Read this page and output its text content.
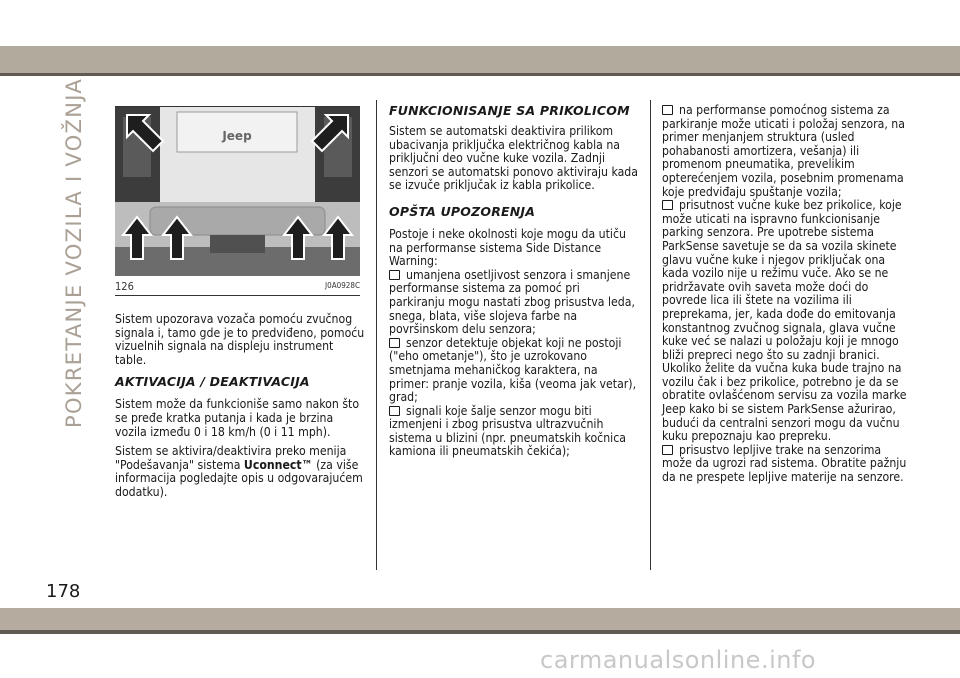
POKRETANJE VOZILA I VOŽNJA	Jeep
126	J0A0928C

Sistem upozorava vozača pomoću zvučnog signala i, tamo gde je to predviđeno, pomoću vizuelnih signala na displeju instrument table.

AKTIVACIJA / DEAKTIVACIJA

Sistem može da funkcioniše samo nakon što se pređe kratka putanja i kada je brzina vozila između 0 i 18 km/h (0 i 11 mph).

Sistem se aktivira/deaktivira preko menija "Podešavanja" sistema Uconnect™ (za više informacija pogledajte opis u odgovarajućem dodatku).

FUNKCIONISANJE SA PRIKOLICOM

Sistem se automatski deaktivira prilikom ubacivanja priključka električnog kabla na priključni deo vučne kuke vozila. Zadnji senzori se automatski ponovo aktiviraju kada se izvuče priključak iz kabla prikolice.

OPŠTA UPOZORENJA

Postoje i neke okolnosti koje mogu da utiču na performanse sistema Side Distance Warning:

umanjena osetljivost senzora i smanjene performanse sistema za pomoć pri parkiranju mogu nastati zbog prisustva leda, snega, blata, više slojeva farbe na površinskom delu senzora;
senzor detektuje objekat koji ne postoji ("eho ometanje"), što je uzrokovano smetnjama mehaničkog karaktera, na primer: pranje vozila, kiša (veoma jak vetar), grad;
signali koje šalje senzor mogu biti izmenjeni i zbog prisustva ultrazvučnih sistema u blizini (npr. pneumatskih kočnica kamiona ili pneumatskih čekića);
na performanse pomoćnog sistema za parkiranje može uticati i položaj senzora, na primer menjanjem struktura (usled pohabanosti amortizera, vešanja) ili promenom pneumatika, prevelikim opterećenjem vozila, posebnim promenama koje predviđaju spuštanje vozila;
prisutnost vučne kuke bez prikolice, koje može uticati na ispravno funkcionisanje parking senzora. Pre upotrebe sistema ParkSense savetuje se da sa vozila skinete glavu vučne kuke i njegov priključak ona kada vozilo nije u režimu vuče. Ako se ne pridržavate ovih saveta može doći do povrede lica ili štete na vozilima ili preprekama, jer, kada dođe do emitovanja konstantnog zvučnog signala, glava vučne kuke već se nalazi u položaju koji je mnogo bliži prepreci nego što su zadnji branici. Ukoliko želite da vučna kuka bude trajno na vozilu čak i bez prikolice, potrebno je da se obratite ovlašćenom servisu za vozila marke Jeep kako bi se sistem ParkSense ažurirao, budući da centralni senzori mogu da vučnu kuku prepoznaju kao prepreku.
prisustvo lepljive trake na senzorima može da ugrozi rad sistema. Obratite pažnju da ne prespete lepljive materije na senzore.
178
carmanualsonline.info
